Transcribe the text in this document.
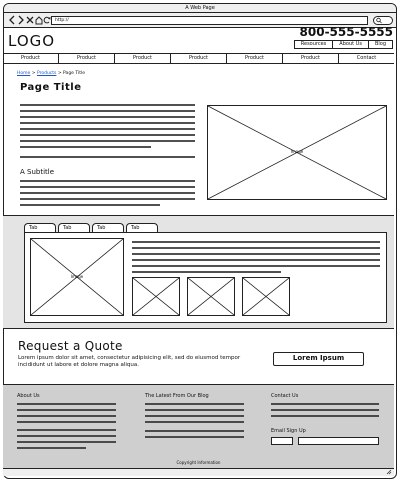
A Web Page
http://
LOGO	800-555-5555
Resources	About Us	Blog
Product	Product	Product	Product	Product	Product	Contact
Home > Products > Page Title
Page Title
A Subtitle
Image
Tab	Tab	Tab	Tab
Image
Request a Quote
Lorem ipsum dolor sit amet, consectetur adipisicing elit, sed do eiusmod tempor incididunt ut labore et dolore magna aliqua.
Lorem Ipsum
About Us	The Latest From Our Blog	Contact Us
Email Sign Up
Copyright Information
